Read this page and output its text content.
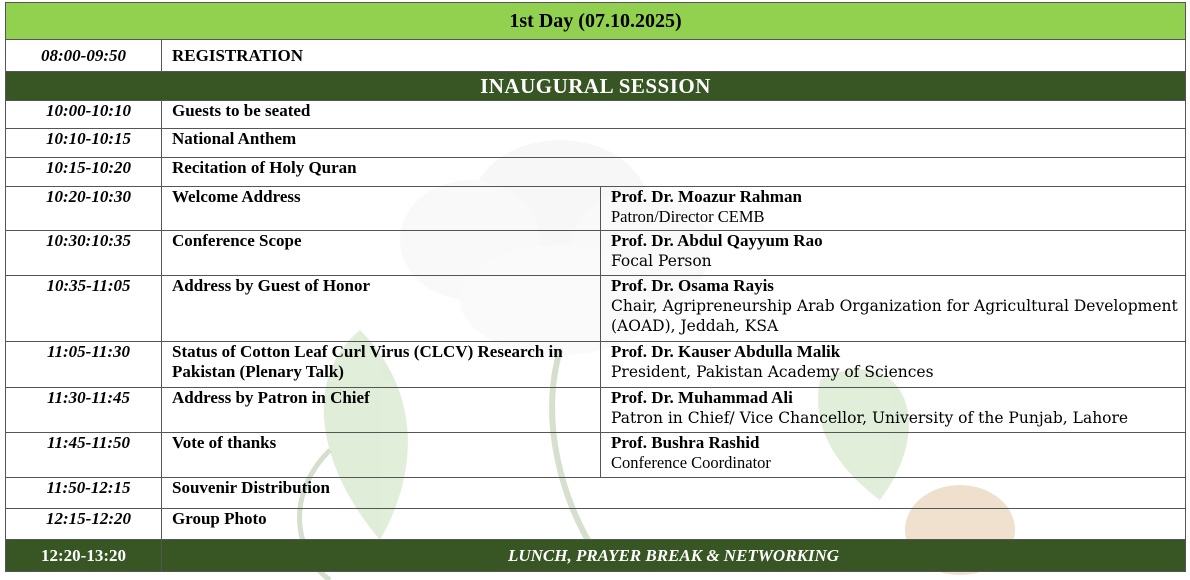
1st Day (07.10.2025)		
08:00-09:50	REGISTRATION	
INAUGURAL SESSION		
10:00-10:10	Guests to be seated	
10:10-10:15	National Anthem	
10:15-10:20	Recitation of Holy Quran	
10:20-10:30	Welcome Address	Prof. Dr. Moazur Rahman
Patron/Director CEMB

10:30:10:35	Conference Scope	Prof. Dr. Abdul Qayyum Rao
Focal Person

10:35-11:05	Address by Guest of Honor	Prof. Dr. Osama Rayis
Chair, Agripreneurship Arab Organization for Agricultural Development (AOAD), Jeddah, KSA

11:05-11:30	Status of Cotton Leaf Curl Virus (CLCV) Research in Pakistan (Plenary Talk)	Prof. Dr. Kauser Abdulla Malik
President, Pakistan Academy of Sciences

11:30-11:45	Address by Patron in Chief	Prof. Dr. Muhammad Ali
Patron in Chief/ Vice Chancellor, University of the Punjab, Lahore

11:45-11:50	Vote of thanks	Prof. Bushra Rashid
Conference Coordinator

11:50-12:15	Souvenir Distribution	
12:15-12:20	Group Photo	
12:20-13:20	LUNCH, PRAYER BREAK & NETWORKING	
